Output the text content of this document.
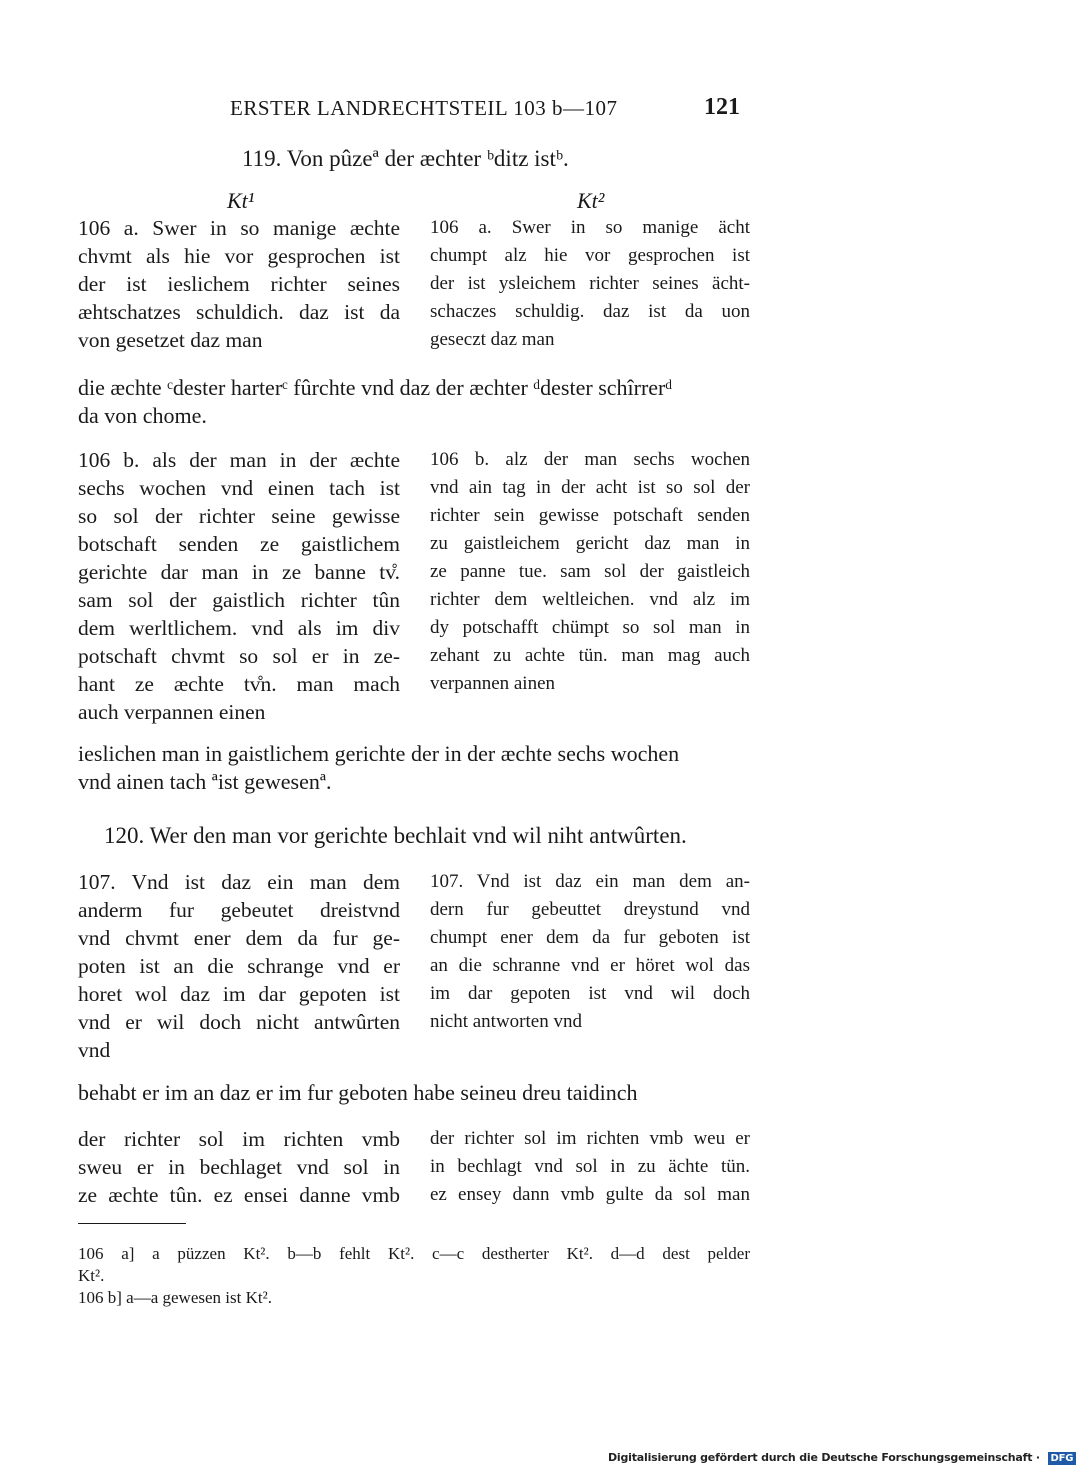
ERSTER LANDRECHTSTEIL 103 b—107	121
119. Von pûzeª der æchter ᵇditz istᵇ.
Kt¹	Kt²
106 a. Swer in so manige æchte
chvmt als hie vor gesprochen ist
der ist ieslichem richter seines
æhtschatzes schuldich. daz ist da
von gesetzet daz man
106 a. Swer in so manige ächt
chumpt alz hie vor gesprochen ist
der ist ysleichem richter seines ächt-
schaczes schuldig. daz ist da uon
geseczt daz man
die æchte ᶜdester harterᶜ fûrchte vnd daz der æchter ᵈdester schîrrerᵈ
da von chome.
106 b. als der man in der æchte
sechs wochen vnd einen tach ist
so sol der richter seine gewisse
botschaft senden ze gaistlichem
gerichte dar man in ze banne tv̊.
sam sol der gaistlich richter tûn
dem werltlichem. vnd als im div
potschaft chvmt so sol er in ze-
hant ze æchte tv̊n. man mach
auch verpannen einen
106 b. alz der man sechs wochen
vnd ain tag in der acht ist so sol der
richter sein gewisse potschaft senden
zu gaistleichem gericht daz man in
ze panne tue. sam sol der gaistleich
richter dem weltleichen. vnd alz im
dy potschafft chümpt so sol man in
zehant zu achte tün. man mag auch
verpannen ainen
ieslichen man in gaistlichem gerichte der in der æchte sechs wochen
vnd ainen tach ªist gewesenª.
120. Wer den man vor gerichte bechlait vnd wil niht antwûrten.
107. Vnd ist daz ein man dem
anderm fur gebeutet dreistvnd
vnd chvmt ener dem da fur ge-
poten ist an die schrange vnd er
horet wol daz im dar gepoten ist
vnd er wil doch nicht antwûrten
vnd
107. Vnd ist daz ein man dem an-
dern fur gebeuttet dreystund vnd
chumpt ener dem da fur geboten ist
an die schranne vnd er höret wol das
im dar gepoten ist vnd wil doch
nicht antworten vnd
behabt er im an daz er im fur geboten habe seineu dreu taidinch
der richter sol im richten vmb
sweu er in bechlaget vnd sol in
ze æchte tûn. ez ensei danne vmb
der richter sol im richten vmb weu er
in bechlagt vnd sol in zu ächte tün.
ez ensey dann vmb gulte da sol man
106 a] a püzzen Kt². b—b fehlt Kt². c—c destherter Kt². d—d dest pelder
Kt².
106 b] a—a gewesen ist Kt².
Digitalisierung gefördert durch die Deutsche Forschungsgemeinschaft · DFG
